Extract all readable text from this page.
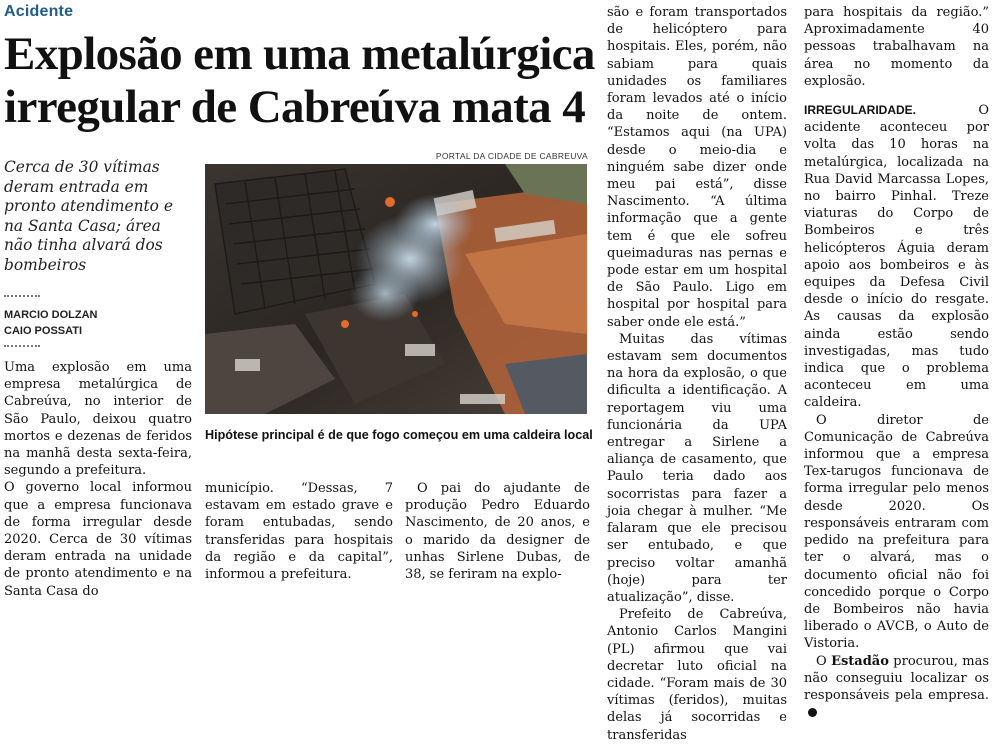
Acidente
Explosão em uma metalúrgica irregular de Cabreúva mata 4
Cerca de 30 vítimas deram entrada em pronto atendimento e na Santa Casa; área não tinha alvará dos bombeiros
MARCIO DOLZAN
CAIO POSSATI

Uma explosão em uma empresa metalúrgica de Cabreúva, no interior de São Paulo, deixou quatro mortos e dezenas de feridos na manhã desta sexta-feira, segundo a prefeitura.

O governo local informou que a empresa funcionava de forma irregular desde 2020. Cerca de 30 vítimas deram entrada na unidade de pronto atendimento e na Santa Casa do

PORTAL DA CIDADE DE CABREUVA
Hipótese principal é de que fogo começou em uma caldeira local

município. “Dessas, 7 estavam em estado grave e foram entubadas, sendo transferidas para hospitais da região e da capital”, informou a prefeitura.

O pai do ajudante de produção Pedro Eduardo Nascimento, de 20 anos, e o marido da designer de unhas Sirlene Dubas, de 38, se feriram na explo-

são e foram transportados de helicóptero para hospitais. Eles, porém, não sabiam para quais unidades os familiares foram levados até o início da noite de ontem. “Estamos aqui (na UPA) desde o meio-dia e ninguém sabe dizer onde meu pai está”, disse Nascimento. “A última informação que a gente tem é que ele sofreu queimaduras nas pernas e pode estar em um hospital de São Paulo. Ligo em hospital por hospital para saber onde ele está.”

Muitas das vítimas estavam sem documentos na hora da explosão, o que dificulta a identificação. A reportagem viu uma funcionária da UPA entregar a Sirlene a aliança de casamento, que Paulo teria dado aos socorristas para fazer a joia chegar à mulher. “Me falaram que ele precisou ser entubado, e que preciso voltar amanhã (hoje) para ter atualização”, disse.

Prefeito de Cabreúva, Antonio Carlos Mangini (PL) afirmou que vai decretar luto oficial na cidade. “Foram mais de 30 vítimas (feridos), muitas delas já socorridas e transferidas

para hospitais da região.” Aproximadamente 40 pessoas trabalhavam na área no momento da explosão.

IRREGULARIDADE.	O acidente aconteceu por volta das 10 horas na metalúrgica, localizada na Rua David Marcassa Lopes, no bairro Pinhal. Treze viaturas do Corpo de Bombeiros e três helicópteros Águia deram apoio aos bombeiros e às equipes da Defesa Civil desde o início do resgate. As causas da explosão ainda estão sendo investigadas, mas tudo indica que o problema aconteceu em uma caldeira.

O diretor de Comunicação de Cabreúva informou que a empresa Tex-tarugos funcionava de forma irregular pelo menos desde 2020. Os responsáveis entraram com pedido na prefeitura para ter o alvará, mas o documento oficial não foi concedido porque o Corpo de Bombeiros não havia liberado o AVCB, o Auto de Vistoria.

O Estadão procurou, mas não conseguiu localizar os responsáveis pela empresa.
